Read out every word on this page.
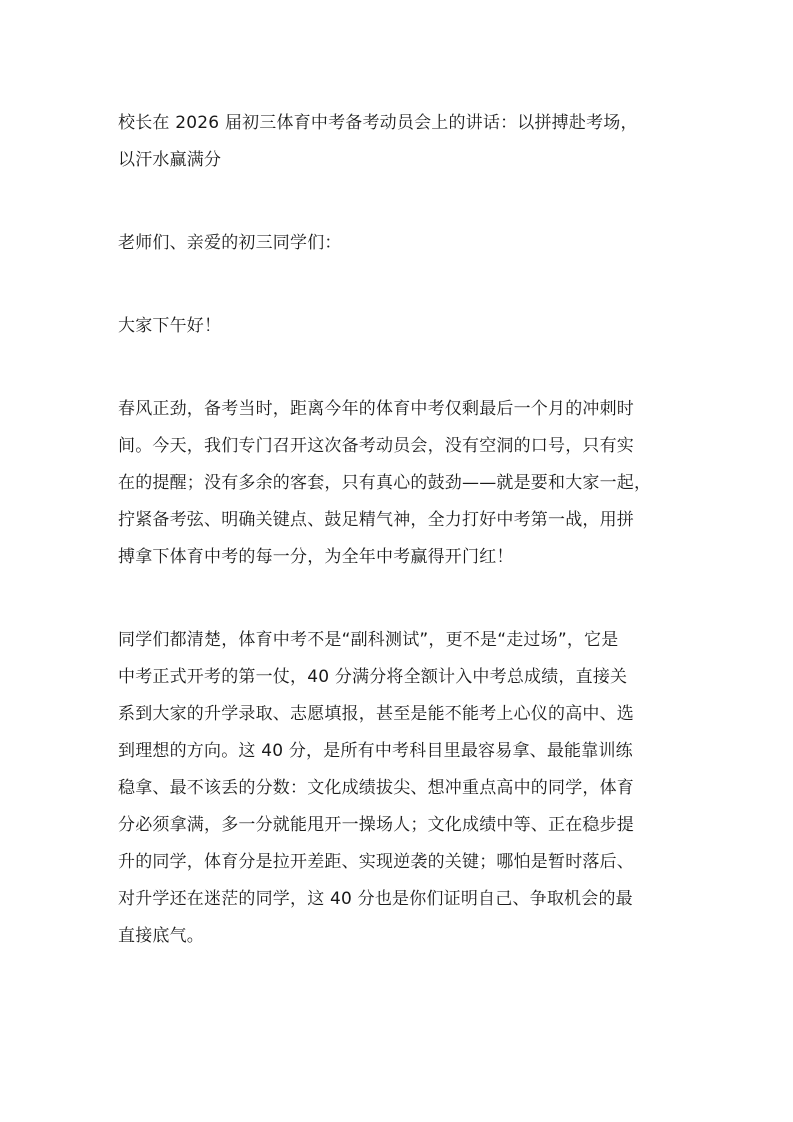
校长在 2026 届初三体育中考备考动员会上的讲话：以拼搏赴考场，
以汗水赢满分
老师们、亲爱的初三同学们：
大家下午好！
春风正劲，备考当时，距离今年的体育中考仅剩最后一个月的冲刺时
间。今天，我们专门召开这次备考动员会，没有空洞的口号，只有实
在的提醒；没有多余的客套，只有真心的鼓劲——就是要和大家一起，
拧紧备考弦、明确关键点、鼓足精气神，全力打好中考第一战，用拼
搏拿下体育中考的每一分，为全年中考赢得开门红！
同学们都清楚，体育中考不是“副科测试”，更不是“走过场”，它是
中考正式开考的第一仗，40 分满分将全额计入中考总成绩，直接关
系到大家的升学录取、志愿填报，甚至是能不能考上心仪的高中、选
到理想的方向。这 40 分，是所有中考科目里最容易拿、最能靠训练
稳拿、最不该丢的分数：文化成绩拔尖、想冲重点高中的同学，体育
分必须拿满，多一分就能甩开一操场人；文化成绩中等、正在稳步提
升的同学，体育分是拉开差距、实现逆袭的关键；哪怕是暂时落后、
对升学还在迷茫的同学，这 40 分也是你们证明自己、争取机会的最
直接底气。
